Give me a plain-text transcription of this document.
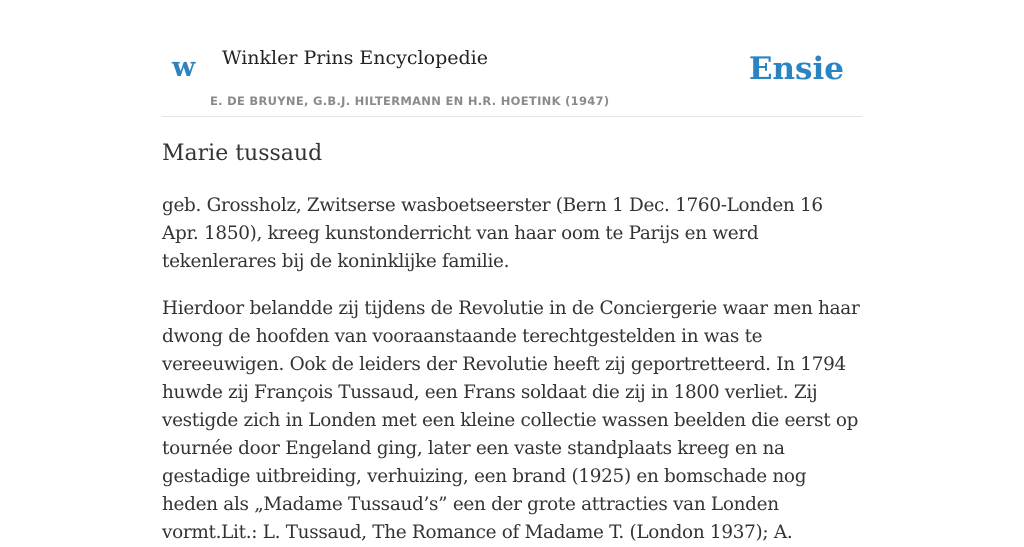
w Winkler Prins Encyclopedie
E. DE BRUYNE, G.B.J. HILTERMANN EN H.R. HOETINK (1947)
Ensie
Marie tussaud

geb. Grossholz, Zwitserse wasboetseerster (Bern 1 Dec. 1760-Londen 16 Apr. 1850), kreeg kunstonderricht van haar oom te Parijs en werd tekenlerares bij de koninklijke familie.

Hierdoor belandde zij tijdens de Revolutie in de Conciergerie waar men haar dwong de hoofden van vooraanstaande terechtgestelden in was te vereeuwigen. Ook de leiders der Revolutie heeft zij geportretteerd. In 1794 huwde zij François Tussaud, een Frans soldaat die zij in 1800 verliet. Zij vestigde zich in Londen met een kleine collectie wassen beelden die eerst op tournée door Engeland ging, later een vaste standplaats kreeg en na gestadige uitbreiding, verhuizing, een brand (1925) en bomschade nog heden als „Madame Tussaud’s” een der grote attracties van Londen vormt.Lit.: L. Tussaud, The Romance of Madame T. (London 1937); A.
